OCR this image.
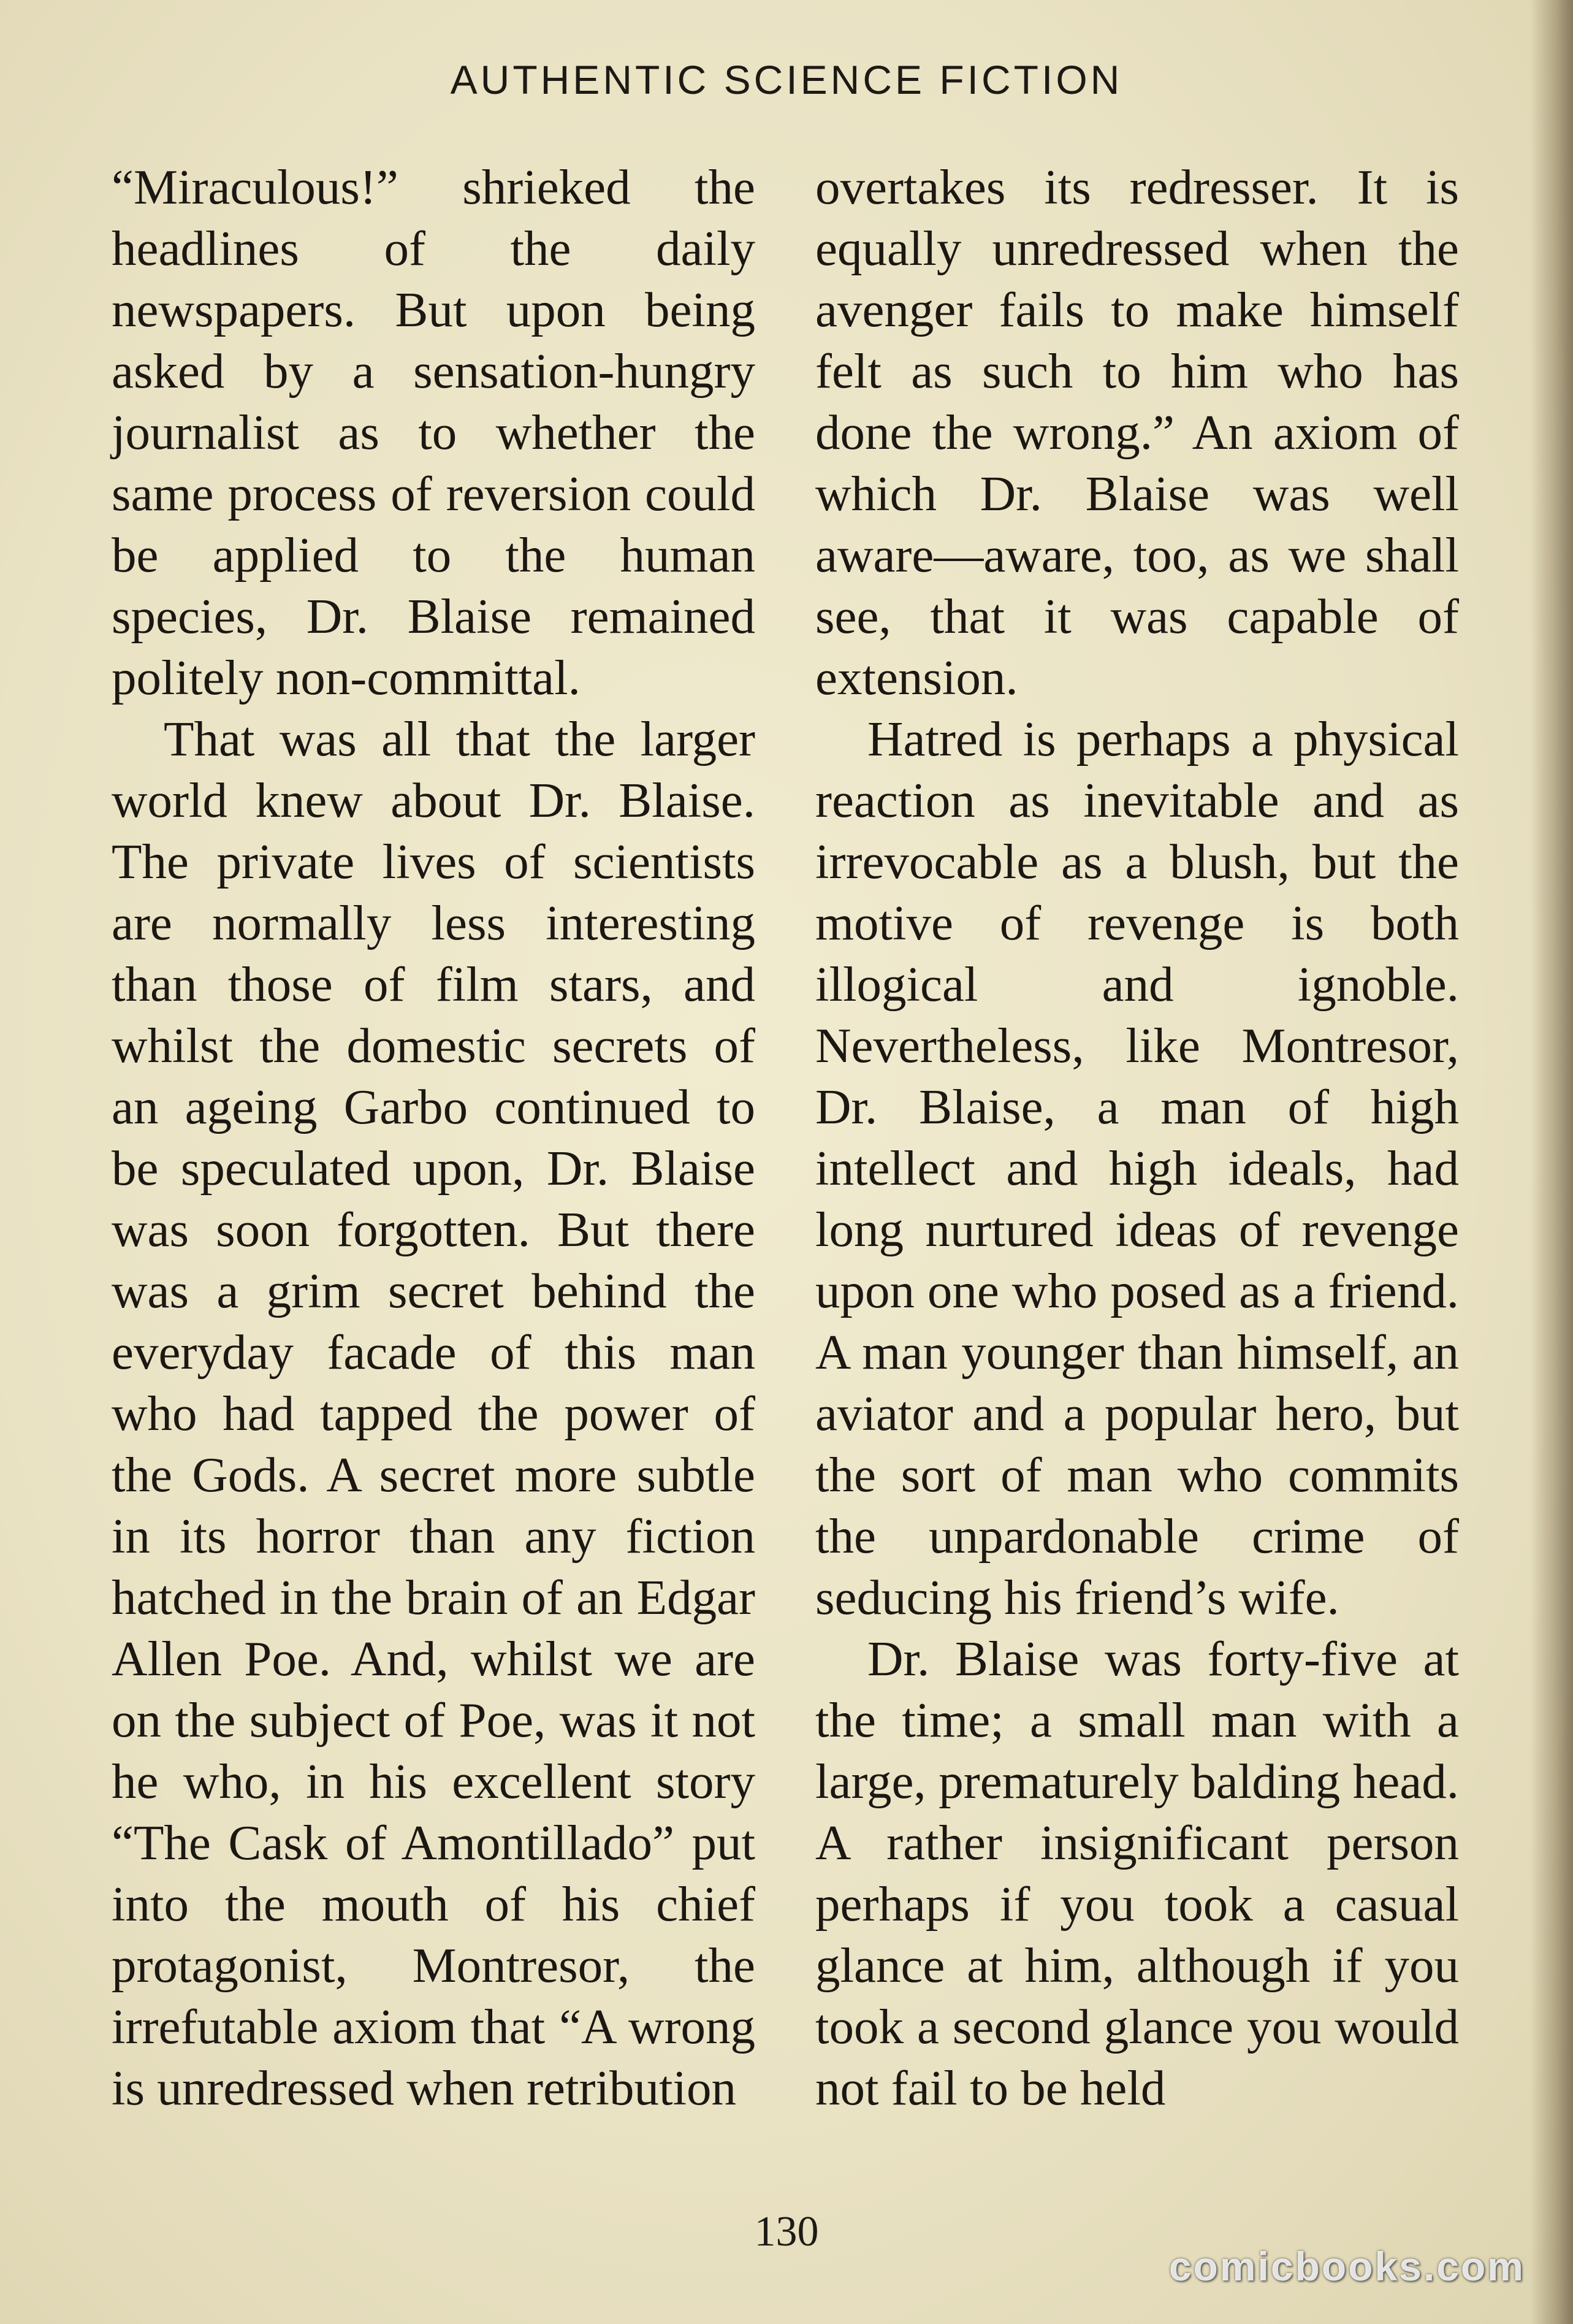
AUTHENTIC SCIENCE FICTION

“Miraculous!” shrieked the headlines of the daily newspapers. But upon being asked by a sensation-hungry journalist as to whether the same process of reversion could be applied to the human species, Dr. Blaise remained politely non-committal.

That was all that the larger world knew about Dr. Blaise. The private lives of scientists are normally less interesting than those of film stars, and whilst the domestic secrets of an ageing Garbo continued to be speculated upon, Dr. Blaise was soon forgotten. But there was a grim secret behind the everyday facade of this man who had tapped the power of the Gods. A secret more subtle in its horror than any fiction hatched in the brain of an Edgar Allen Poe. And, whilst we are on the subject of Poe, was it not he who, in his excellent story “The Cask of Amontillado” put into the mouth of his chief protagonist, Montresor, the irrefutable axiom that “A wrong is unredressed when retribution

overtakes its redresser. It is equally unredressed when the avenger fails to make himself felt as such to him who has done the wrong.” An axiom of which Dr. Blaise was well aware—aware, too, as we shall see, that it was capable of extension.

Hatred is perhaps a physical reaction as inevitable and as irrevocable as a blush, but the motive of revenge is both illogical and ignoble. Nevertheless, like Montresor, Dr. Blaise, a man of high intellect and high ideals, had long nurtured ideas of revenge upon one who posed as a friend. A man younger than himself, an aviator and a popular hero, but the sort of man who commits the unpardonable crime of seducing his friend’s wife.

Dr. Blaise was forty-five at the time; a small man with a large, prematurely balding head. A rather insignificant person perhaps if you took a casual glance at him, although if you took a second glance you would not fail to be held

130
comicbooks.com
